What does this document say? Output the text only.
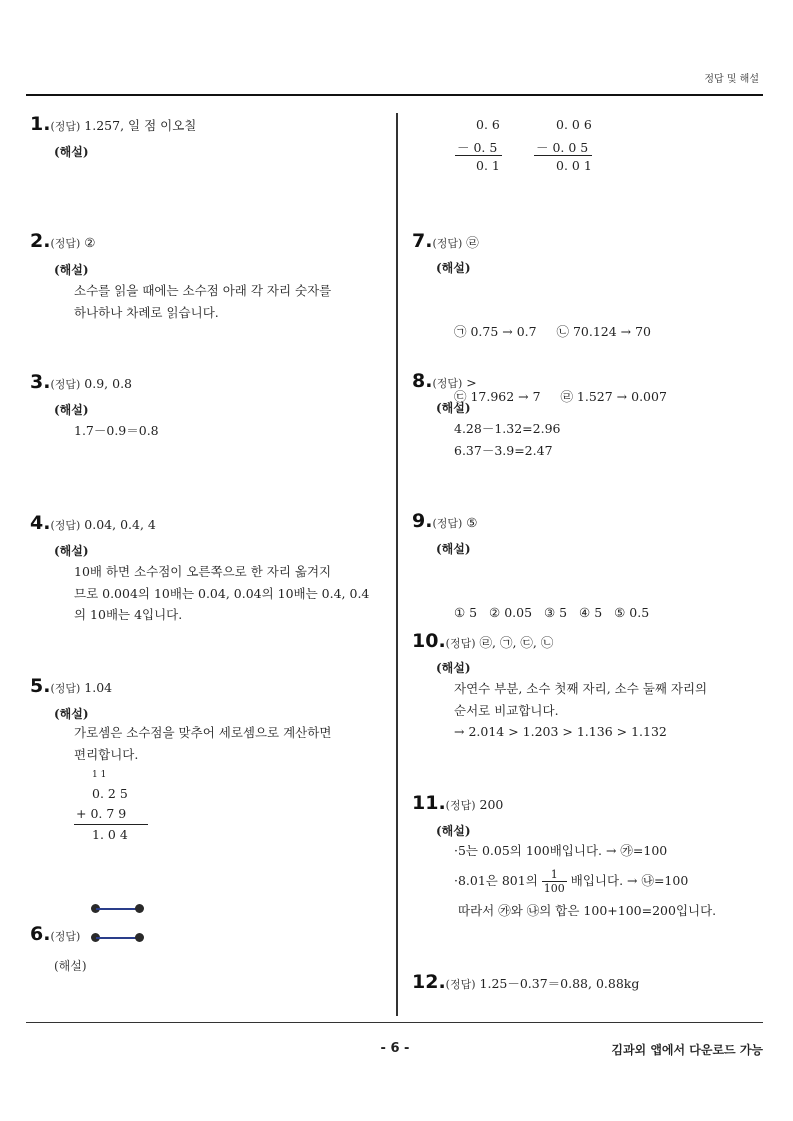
정답 및 해설
- 6 -	김과외 앱에서 다운로드 가능
1.(정답) 1.257, 일 점 이오칠
(해설)
2.(정답) ②
(해설)
소수를 읽을 때에는 소수점 아래 각 자리 숫자를
하나하나 차례로 읽습니다.
3.(정답) 0.9, 0.8
(해설)
1.7－0.9＝0.8
4.(정답) 0.04, 0.4, 4
(해설)
10배 하면 소수점이 오른쪽으로 한 자리 옮겨지
므로 0.004의 10배는 0.04, 0.04의 10배는 0.4, 0.4
의 10배는 4입니다.
5.(정답) 1.04
(해설)
가로셈은 소수점을 맞추어 세로셈으로 계산하면
편리합니다.
1 1
0. 2 5
+ 0. 7 9
1. 0 4
6.(정답)
(해설)
0. 6
－ 0. 5
0. 1
0. 0 6
－ 0. 0 5
0. 0 1
7.(정답) ㉣
(해설)

㉠ 0.75 → 0.7     ㉡ 70.124 → 70

㉢ 17.962 → 7     ㉣ 1.527 → 0.007

8.(정답) >
(해설)
4.28－1.32=2.96
6.37－3.9=2.47
9.(정답) ⑤
(해설)

① 5   ② 0.05   ③ 5   ④ 5   ⑤ 0.5

10.(정답) ㉣, ㉠, ㉢, ㉡
(해설)
자연수 부분, 소수 첫째 자리, 소수 둘째 자리의
순서로 비교합니다.
→ 2.014 > 1.203 > 1.136 > 1.132
11.(정답) 200
(해설)
·5는 0.05의 100배입니다. → ㉮=100
·8.01은 801의 $\frac{1}{100}$ 배입니다. → ㉯=100
따라서 ㉮와 ㉯의 합은 100+100=200입니다.
12.(정답) 1.25－0.37＝0.88, 0.88kg
